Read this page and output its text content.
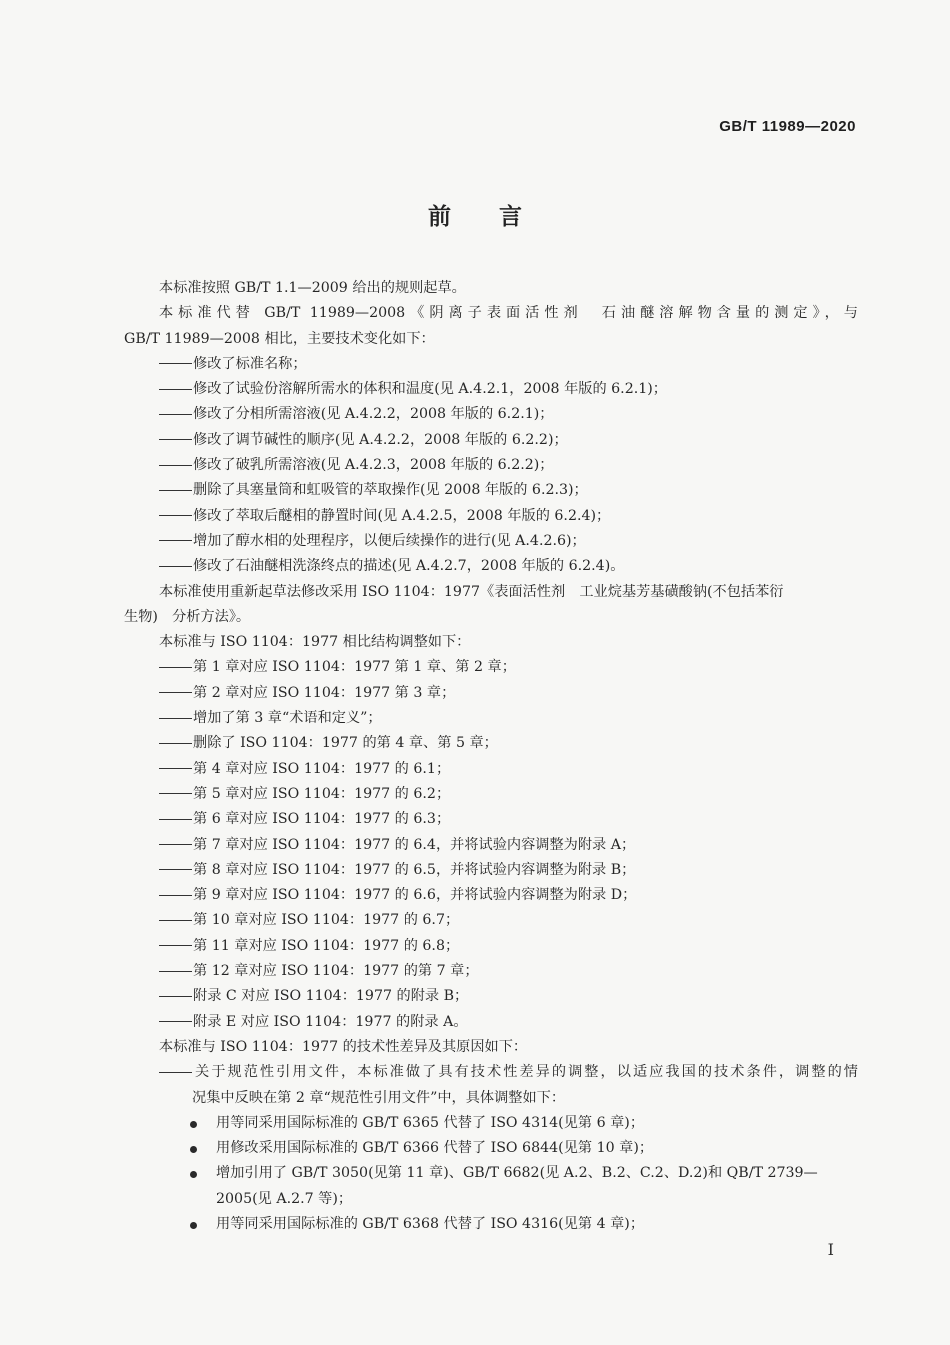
GB/T 11989—2020
前言
本标准按照 GB/T 1.1—2009 给出的规则起草。
本标准代替 GB/T 11989—2008《阴离子表面活性剂　石油醚溶解物含量的测定》，与
GB/T 11989—2008 相比，主要技术变化如下：
修改了标准名称；
修改了试验份溶解所需水的体积和温度(见 A.4.2.1，2008 年版的 6.2.1)；
修改了分相所需溶液(见 A.4.2.2，2008 年版的 6.2.1)；
修改了调节碱性的顺序(见 A.4.2.2，2008 年版的 6.2.2)；
修改了破乳所需溶液(见 A.4.2.3，2008 年版的 6.2.2)；
删除了具塞量筒和虹吸管的萃取操作(见 2008 年版的 6.2.3)；
修改了萃取后醚相的静置时间(见 A.4.2.5，2008 年版的 6.2.4)；
增加了醇水相的处理程序，以便后续操作的进行(见 A.4.2.6)；
修改了石油醚相洗涤终点的描述(见 A.4.2.7，2008 年版的 6.2.4)。
本标准使用重新起草法修改采用 ISO 1104：1977《表面活性剂　工业烷基芳基磺酸钠(不包括苯衍
生物)　分析方法》。
本标准与 ISO 1104：1977 相比结构调整如下：
第 1 章对应 ISO 1104：1977 第 1 章、第 2 章；
第 2 章对应 ISO 1104：1977 第 3 章；
增加了第 3 章“术语和定义”；
删除了 ISO 1104：1977 的第 4 章、第 5 章；
第 4 章对应 ISO 1104：1977 的 6.1；
第 5 章对应 ISO 1104：1977 的 6.2；
第 6 章对应 ISO 1104：1977 的 6.3；
第 7 章对应 ISO 1104：1977 的 6.4，并将试验内容调整为附录 A；
第 8 章对应 ISO 1104：1977 的 6.5，并将试验内容调整为附录 B；
第 9 章对应 ISO 1104：1977 的 6.6，并将试验内容调整为附录 D；
第 10 章对应 ISO 1104：1977 的 6.7；
第 11 章对应 ISO 1104：1977 的 6.8；
第 12 章对应 ISO 1104：1977 的第 7 章；
附录 C 对应 ISO 1104：1977 的附录 B；
附录 E 对应 ISO 1104：1977 的附录 A。
本标准与 ISO 1104：1977 的技术性差异及其原因如下：
关于规范性引用文件，本标准做了具有技术性差异的调整，以适应我国的技术条件，调整的情
况集中反映在第 2 章“规范性引用文件”中，具体调整如下：
用等同采用国际标准的 GB/T 6365 代替了 ISO 4314(见第 6 章)；
用修改采用国际标准的 GB/T 6366 代替了 ISO 6844(见第 10 章)；
增加引用了 GB/T 3050(见第 11 章)、GB/T 6682(见 A.2、B.2、C.2、D.2)和 QB/T 2739—
2005(见 A.2.7 等)；
用等同采用国际标准的 GB/T 6368 代替了 ISO 4316(见第 4 章)；
I
